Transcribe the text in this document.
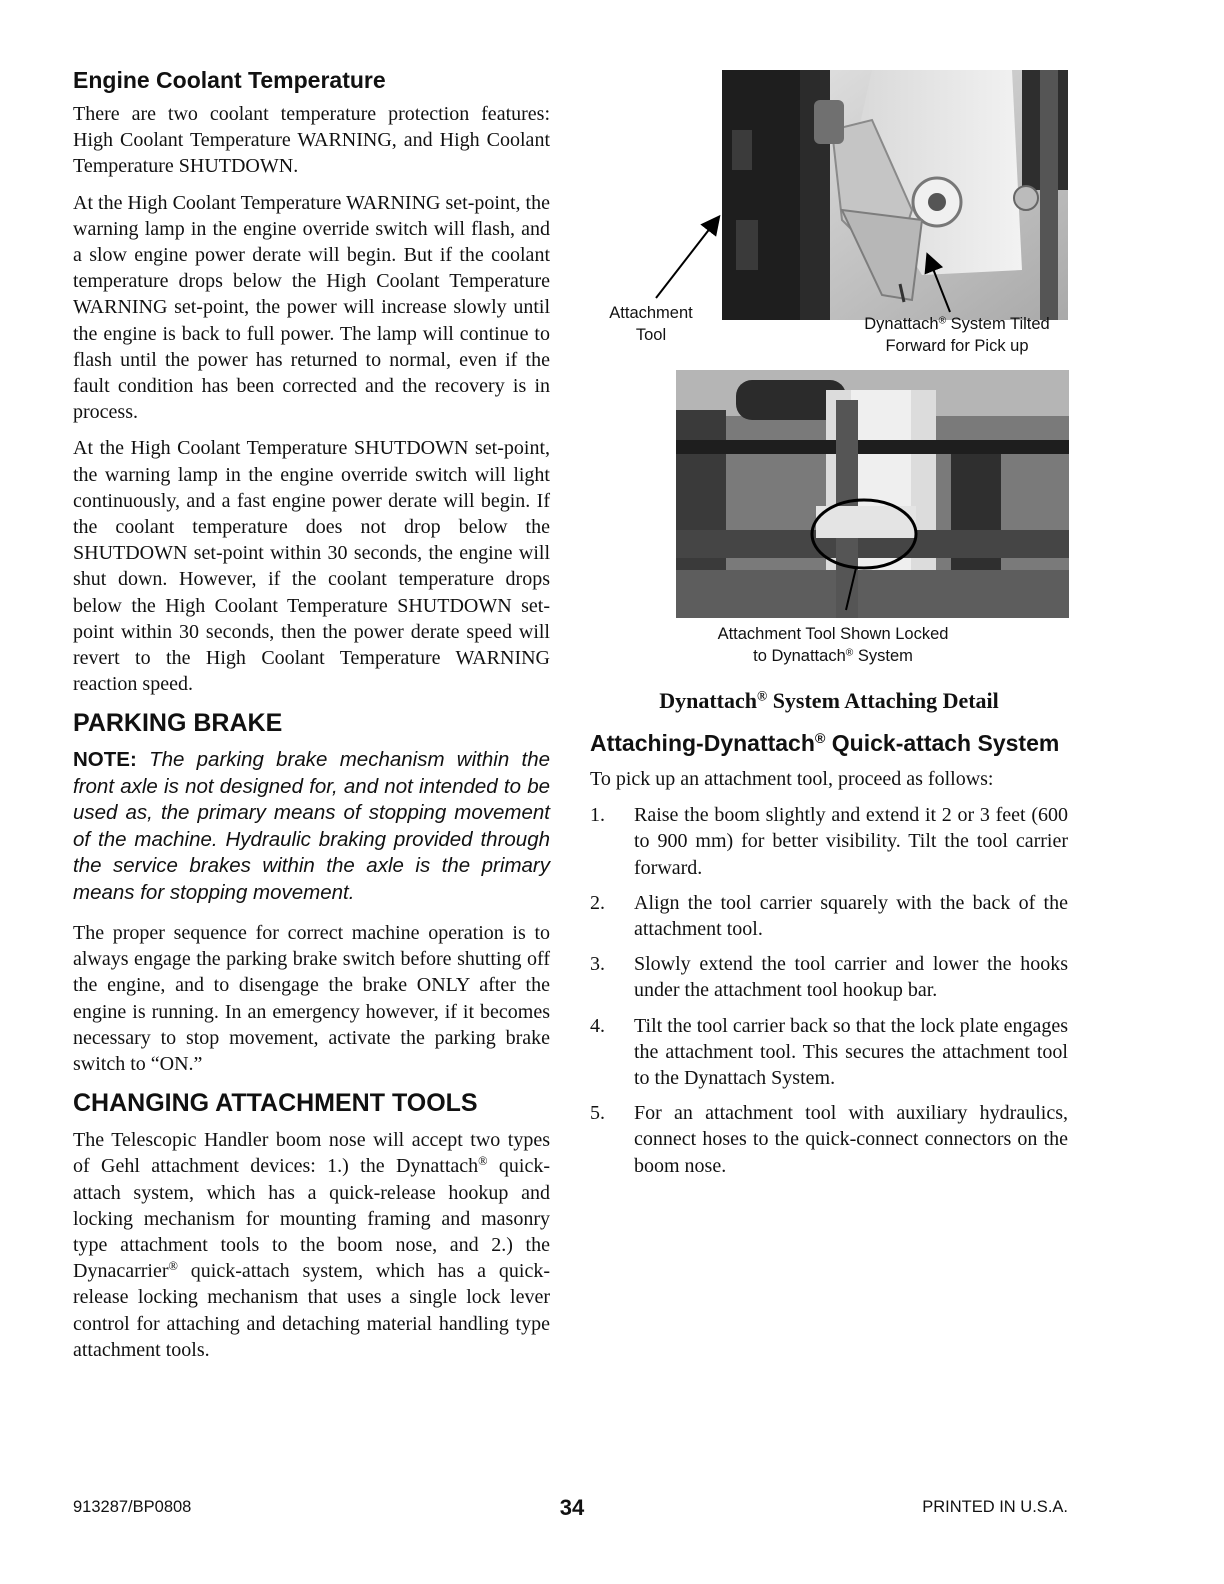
Engine Coolant Temperature

There are two coolant temperature protection features: High Coolant Temperature WARNING, and High Coolant Temperature SHUTDOWN.

At the High Coolant Temperature WARNING set-point, the warning lamp in the engine override switch will flash, and a slow engine power derate will begin. But if the coolant temperature drops below the High Coolant Temperature WARNING set-point, the power will increase slowly until the engine is back to full power. The lamp will continue to flash until the power has returned to normal, even if the fault condition has been corrected and the recovery is in process.

At the High Coolant Temperature SHUTDOWN set-point, the warning lamp in the engine override switch will light continuously, and a fast engine power derate will begin. If the coolant temperature does not drop below the SHUTDOWN set-point within 30 seconds, the engine will shut down. However, if the coolant temperature drops below the High Coolant Temperature SHUTDOWN set-point within 30 seconds, then the power derate speed will revert to the High Coolant Temperature WARNING reaction speed.

PARKING BRAKE
NOTE: The parking brake mechanism within the front axle is not designed for, and not intended to be used as, the primary means of stopping movement of the machine. Hydraulic braking provided through the service brakes within the axle is the primary means for stopping movement.

The proper sequence for correct machine operation is to always engage the parking brake switch before shutting off the engine, and to disengage the brake ONLY after the engine is running. In an emergency however, if it becomes necessary to stop movement, activate the parking brake switch to “ON.”

CHANGING ATTACHMENT TOOLS

The Telescopic Handler boom nose will accept two types of Gehl attachment devices: 1.) the Dynattach® quick-attach system, which has a quick-release hookup and locking mechanism for mounting framing and masonry type attachment tools to the boom nose, and 2.) the Dynacarrier® quick-attach system, which has a quick-release locking mechanism that uses a single lock lever control for attaching and detaching material handling type attachment tools.

Attachment
Tool
Dynattach® System Tilted
Forward for Pick up
Attachment Tool Shown Locked
to Dynattach® System
Dynattach® System Attaching Detail
Attaching-Dynattach® Quick-attach System

To pick up an attachment tool, proceed as follows:

1. Raise the boom slightly and extend it 2 or 3 feet (600 to 900 mm) for better visibility. Tilt the tool carrier forward.
2. Align the tool carrier squarely with the back of the attachment tool.
3. Slowly extend the tool carrier and lower the hooks under the attachment tool hookup bar.
4. Tilt the tool carrier back so that the lock plate engages the attachment tool. This secures the attachment tool to the Dynattach System.
5. For an attachment tool with auxiliary hydraulics, connect hoses to the quick-connect connectors on the boom nose.
913287/BP0808	34	PRINTED IN U.S.A.
